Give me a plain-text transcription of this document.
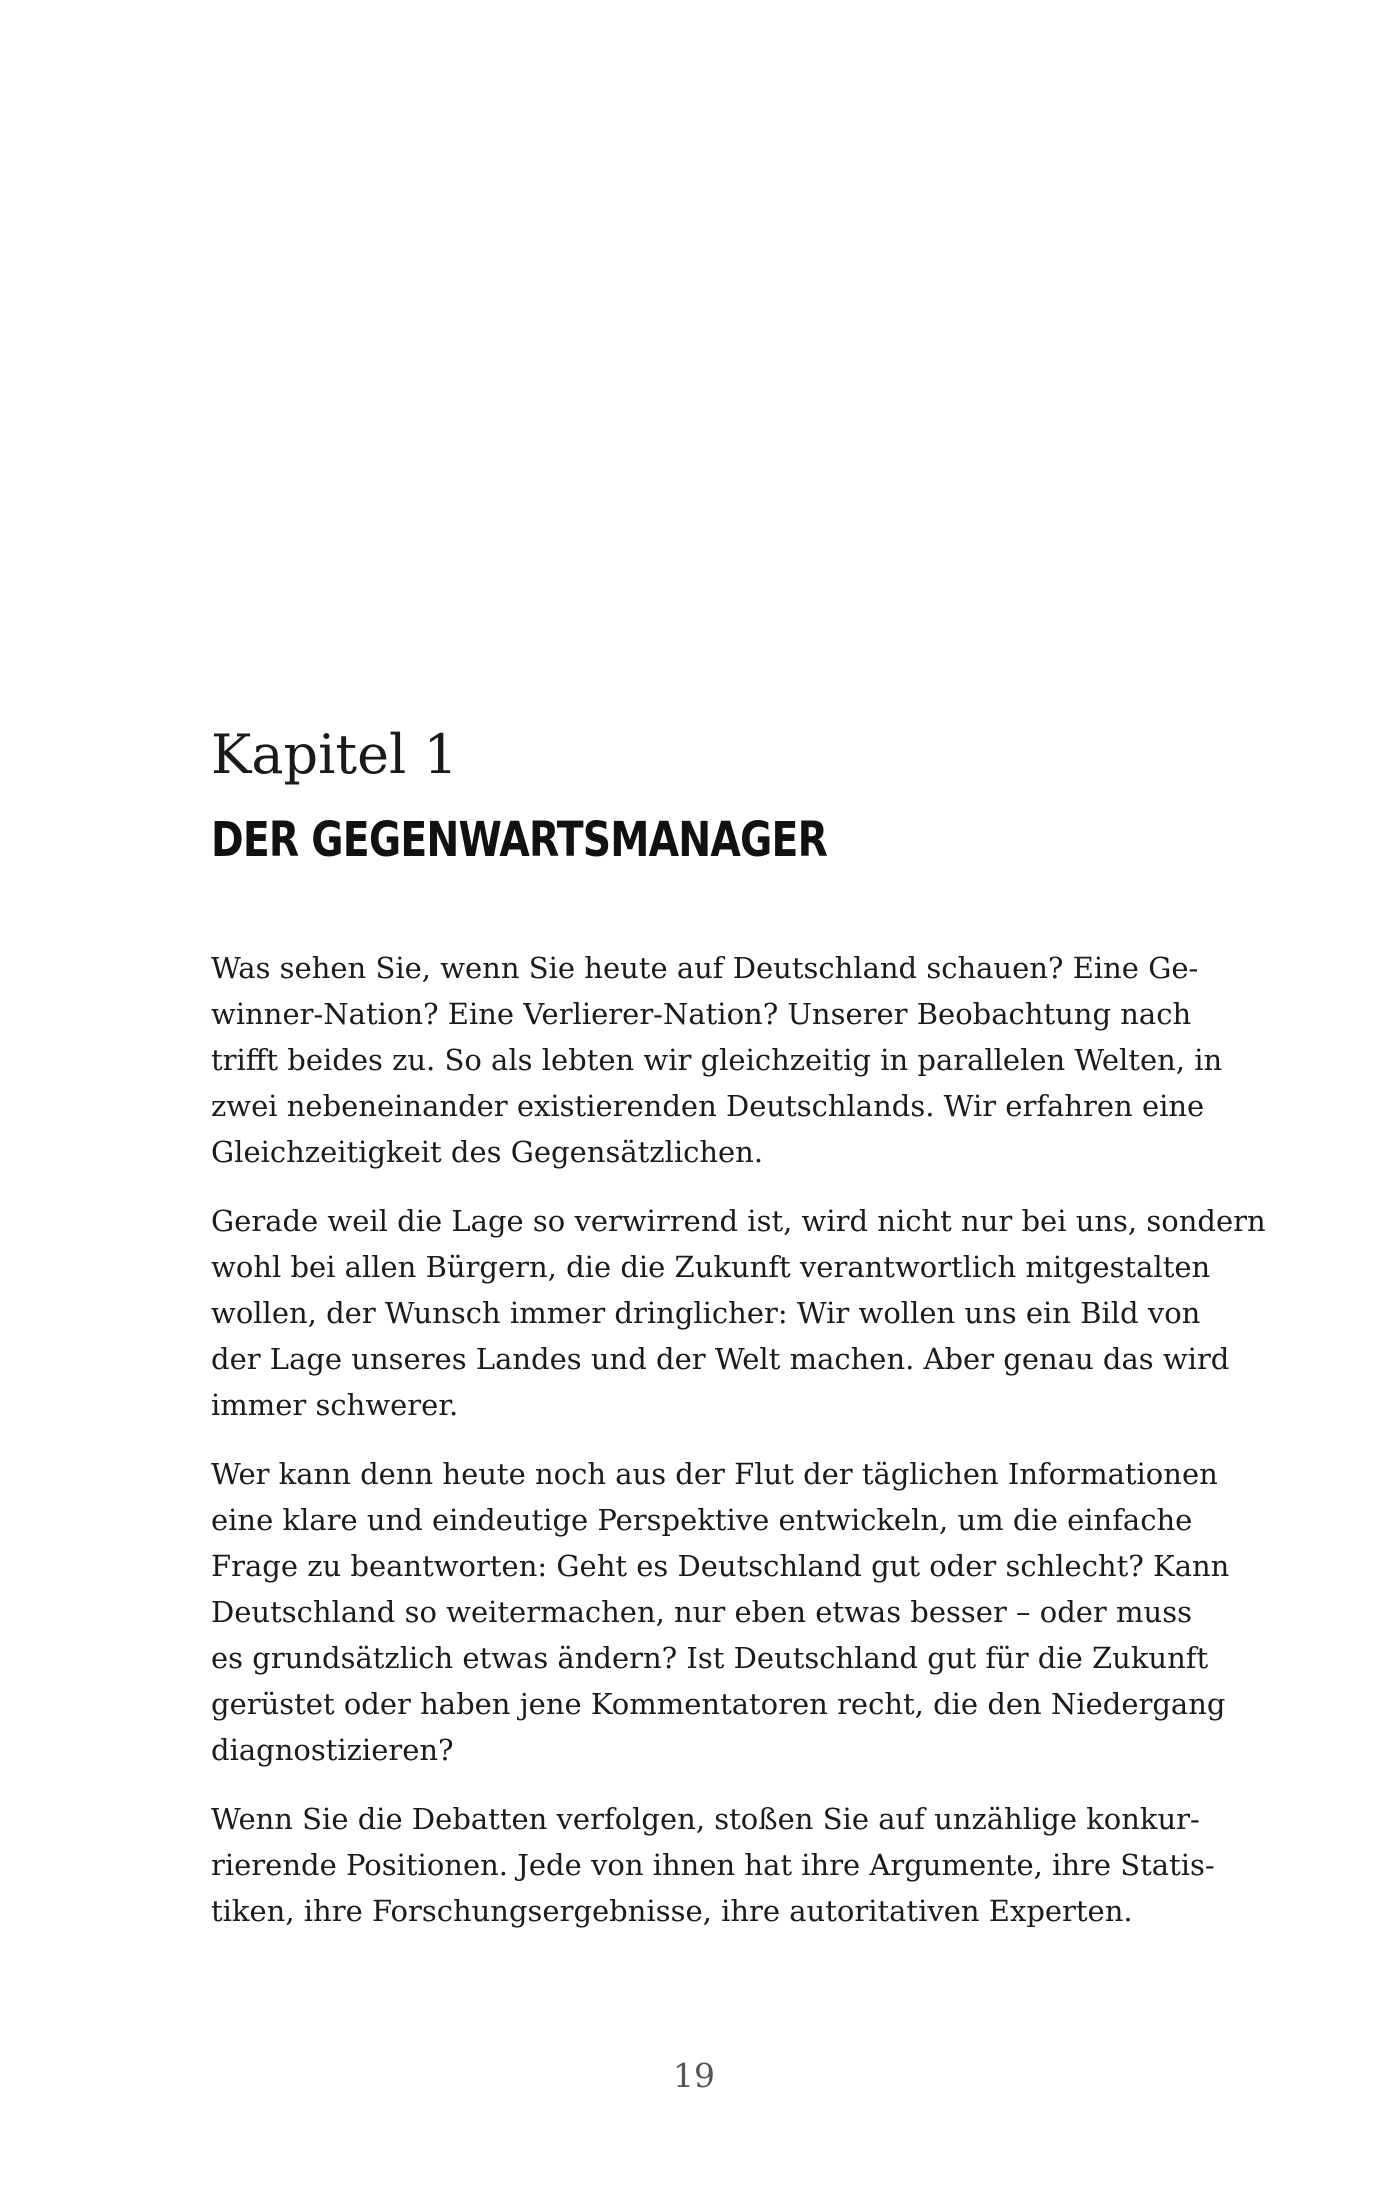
Kapitel 1
DER GEGENWARTSMANAGER

Was sehen Sie, wenn Sie heute auf Deutschland schauen? Eine Ge-
winner-Nation? Eine Verlierer-Nation? Unserer Beobachtung nach
trifft beides zu. So als lebten wir gleichzeitig in parallelen Welten, in
zwei nebeneinander existierenden Deutschlands. Wir erfahren eine
Gleichzeitigkeit des Gegensätzlichen.

Gerade weil die Lage so verwirrend ist, wird nicht nur bei uns, sondern
wohl bei allen Bürgern, die die Zukunft verantwortlich mitgestalten
wollen, der Wunsch immer dringlicher: Wir wollen uns ein Bild von
der Lage unseres Landes und der Welt machen. Aber genau das wird
immer schwerer.

Wer kann denn heute noch aus der Flut der täglichen Informationen
eine klare und eindeutige Perspektive entwickeln, um die einfache
Frage zu beantworten: Geht es Deutschland gut oder schlecht? Kann
Deutschland so weitermachen, nur eben etwas besser – oder muss
es grundsätzlich etwas ändern? Ist Deutschland gut für die Zukunft
gerüstet oder haben jene Kommentatoren recht, die den Niedergang
diagnostizieren?

Wenn Sie die Debatten verfolgen, stoßen Sie auf unzählige konkur-
rierende Positionen. Jede von ihnen hat ihre Argumente, ihre Statis-
tiken, ihre Forschungsergebnisse, ihre autoritativen Experten.

19
